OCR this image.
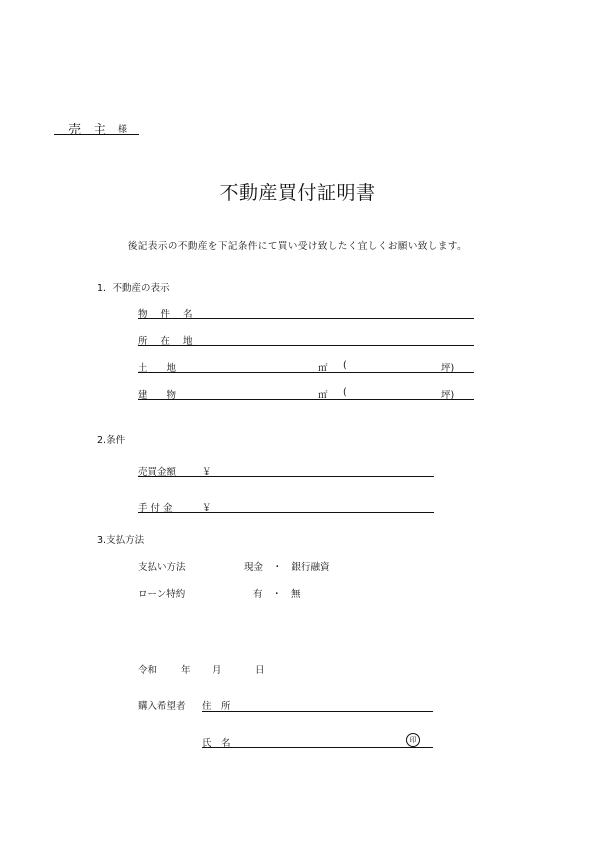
売 主 様
不動産買付証明書
後記表示の不動産を下記条件にて買い受け致したく宜しくお願い致します。
1．不動産の表示
物 件 名
所 在 地
土　　地	㎡ (	坪)
建　　物	㎡ (	坪)
2.条件
売買金額	￥
手 付 金	￥
3.支払方法
支払い方法	現金　・　銀行融資
ローン特約	有　・　無
令和	年 月	日
購入希望者 住　所
氏　名	印
